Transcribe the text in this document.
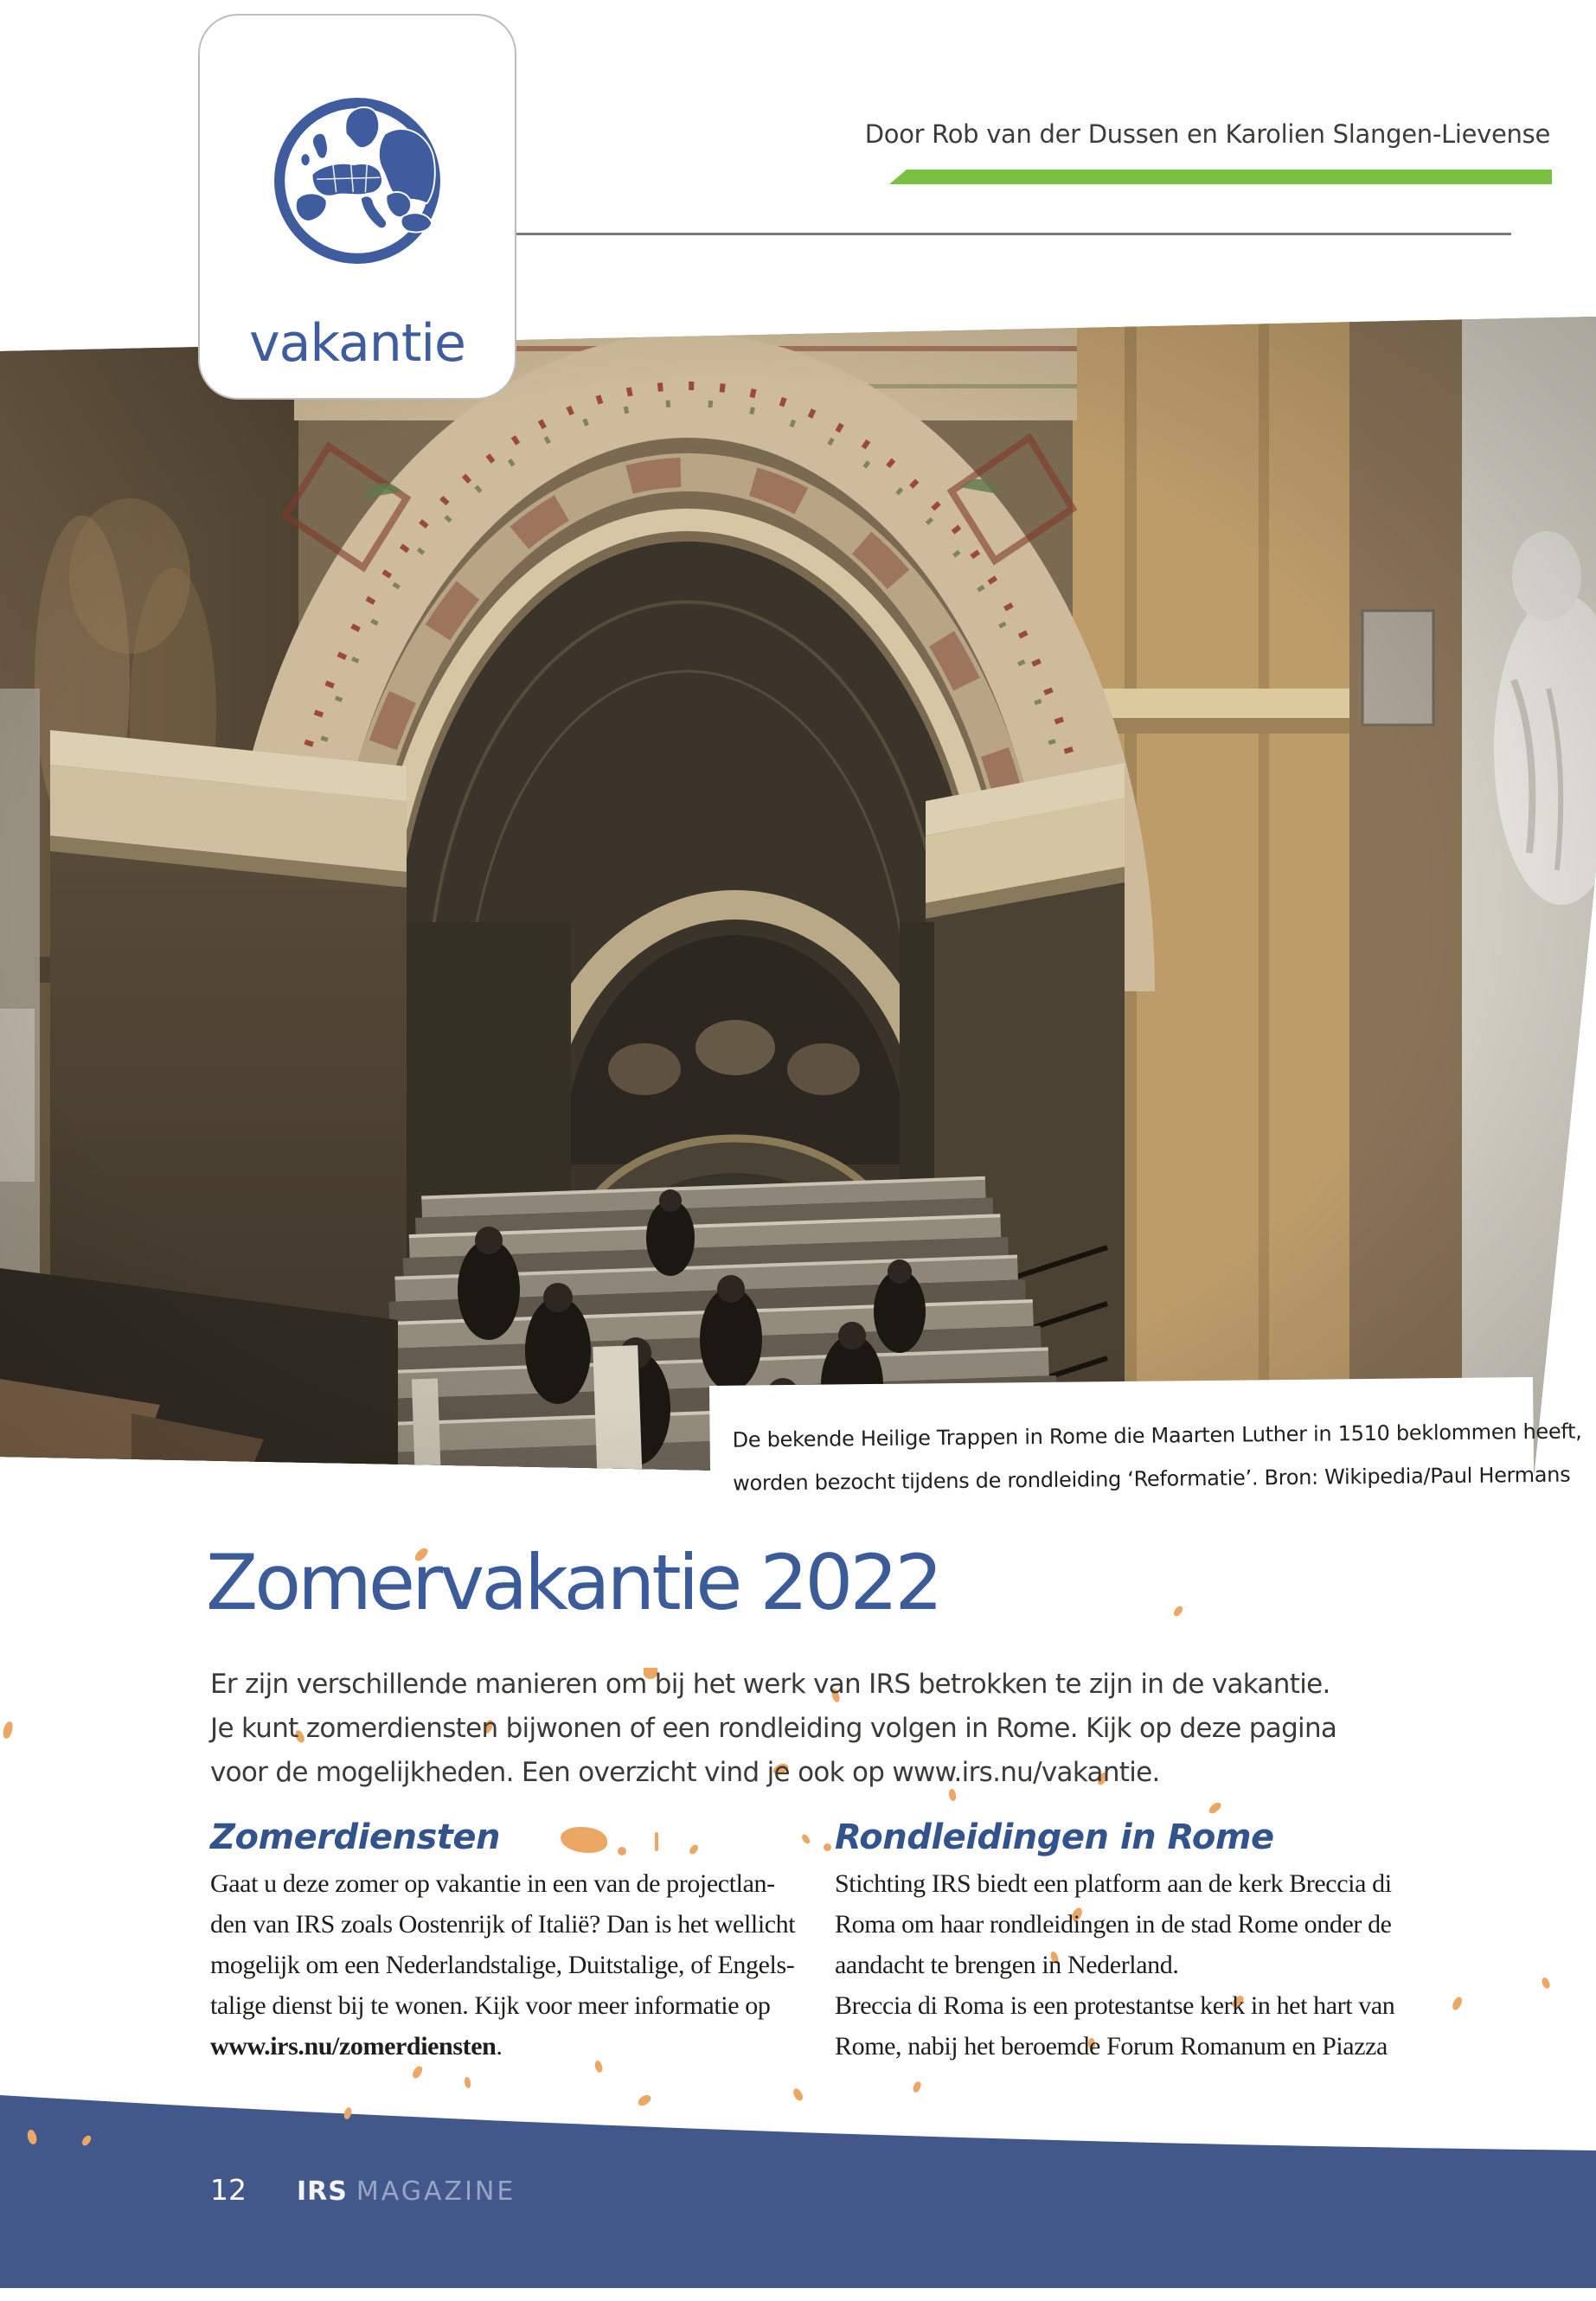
Door Rob van der Dussen en Karolien Slangen-Lievense
vakantie
De bekende Heilige Trappen in Rome die Maarten Luther in 1510 beklommen heeft,
worden bezocht tijdens de rondleiding ‘Reformatie’. Bron: Wikipedia/Paul Hermans
Zomervakantie 2022
Er zijn verschillende manieren om bij het werk van IRS betrokken te zijn in de vakantie.
Je kunt zomerdiensten bijwonen of een rondleiding volgen in Rome. Kijk op deze pagina
voor de mogelijkheden. Een overzicht vind je ook op www.irs.nu/vakantie.
Zomerdiensten
Gaat u deze zomer op vakantie in een van de projectlan-
den van IRS zoals Oostenrijk of Italië? Dan is het wellicht
mogelijk om een Nederlandstalige, Duitstalige, of Engels-
talige dienst bij te wonen. Kijk voor meer informatie op
www.irs.nu/zomerdiensten.
Rondleidingen in Rome
Stichting IRS biedt een platform aan de kerk Breccia di
Roma om haar rondleidingen in de stad Rome onder de
aandacht te brengen in Nederland.
Breccia di Roma is een protestantse kerk in het hart van
Rome, nabij het beroemde Forum Romanum en Piazza
12 IRS MAGAZINE
